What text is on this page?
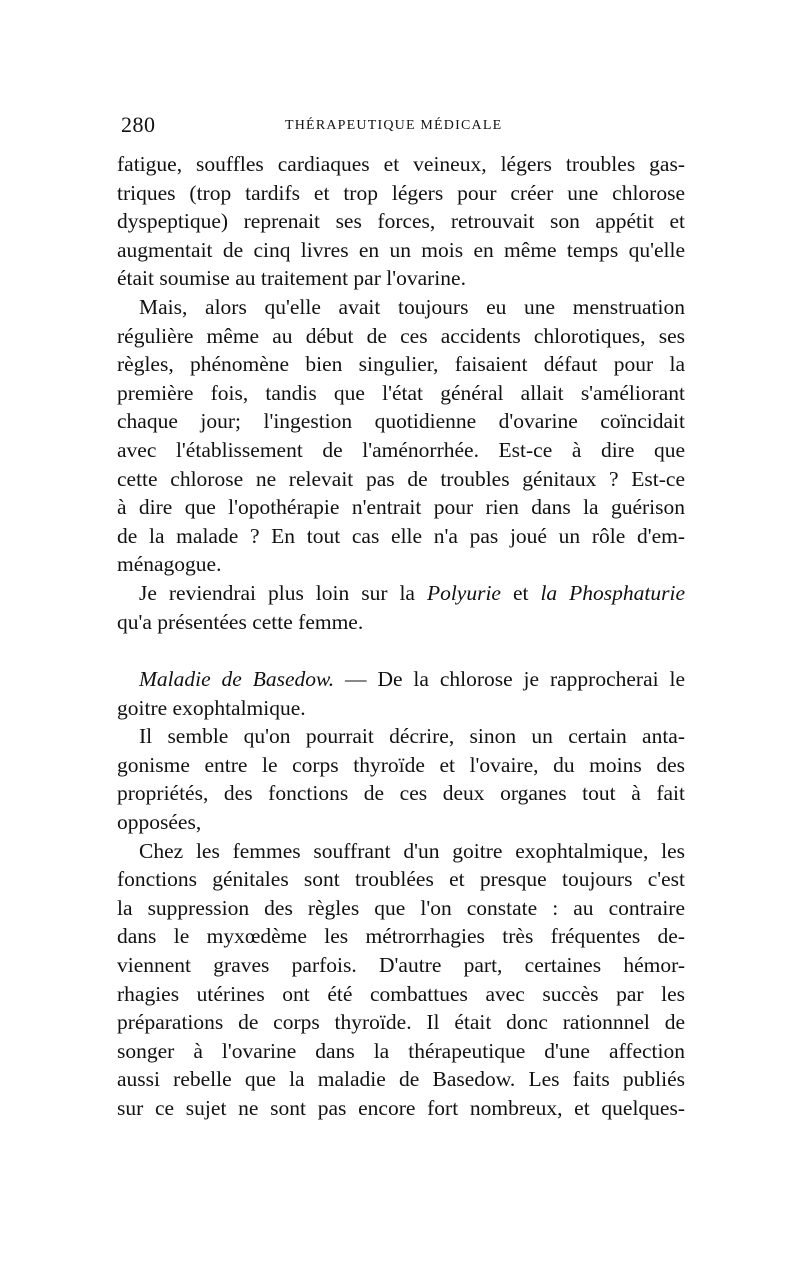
280	THÉRAPEUTIQUE MÉDICALE
fatigue, souffles cardiaques et veineux, légers troubles gas-
triques (trop tardifs et trop légers pour créer une chlorose
dyspeptique) reprenait ses forces, retrouvait son appétit et
augmentait de cinq livres en un mois en même temps qu'elle
était soumise au traitement par l'ovarine.
Mais, alors qu'elle avait toujours eu une menstruation
régulière même au début de ces accidents chlorotiques, ses
règles, phénomène bien singulier, faisaient défaut pour la
première fois, tandis que l'état général allait s'améliorant
chaque jour; l'ingestion quotidienne d'ovarine coïncidait
avec l'établissement de l'aménorrhée. Est-ce à dire que
cette chlorose ne relevait pas de troubles génitaux ? Est-ce
à dire que l'opothérapie n'entrait pour rien dans la guérison
de la malade ? En tout cas elle n'a pas joué un rôle d'em-
ménagogue.
Je reviendrai plus loin sur la Polyurie et la Phosphaturie
qu'a présentées cette femme.
Maladie de Basedow. — De la chlorose je rapprocherai le
goitre exophtalmique.
Il semble qu'on pourrait décrire, sinon un certain anta-
gonisme entre le corps thyroïde et l'ovaire, du moins des
propriétés, des fonctions de ces deux organes tout à fait
opposées,
Chez les femmes souffrant d'un goitre exophtalmique, les
fonctions génitales sont troublées et presque toujours c'est
la suppression des règles que l'on constate : au contraire
dans le myxœdème les métrorrhagies très fréquentes de-
viennent graves parfois. D'autre part, certaines hémor-
rhagies utérines ont été combattues avec succès par les
préparations de corps thyroïde. Il était donc rationnnel de
songer à l'ovarine dans la thérapeutique d'une affection
aussi rebelle que la maladie de Basedow. Les faits publiés
sur ce sujet ne sont pas encore fort nombreux, et quelques-
